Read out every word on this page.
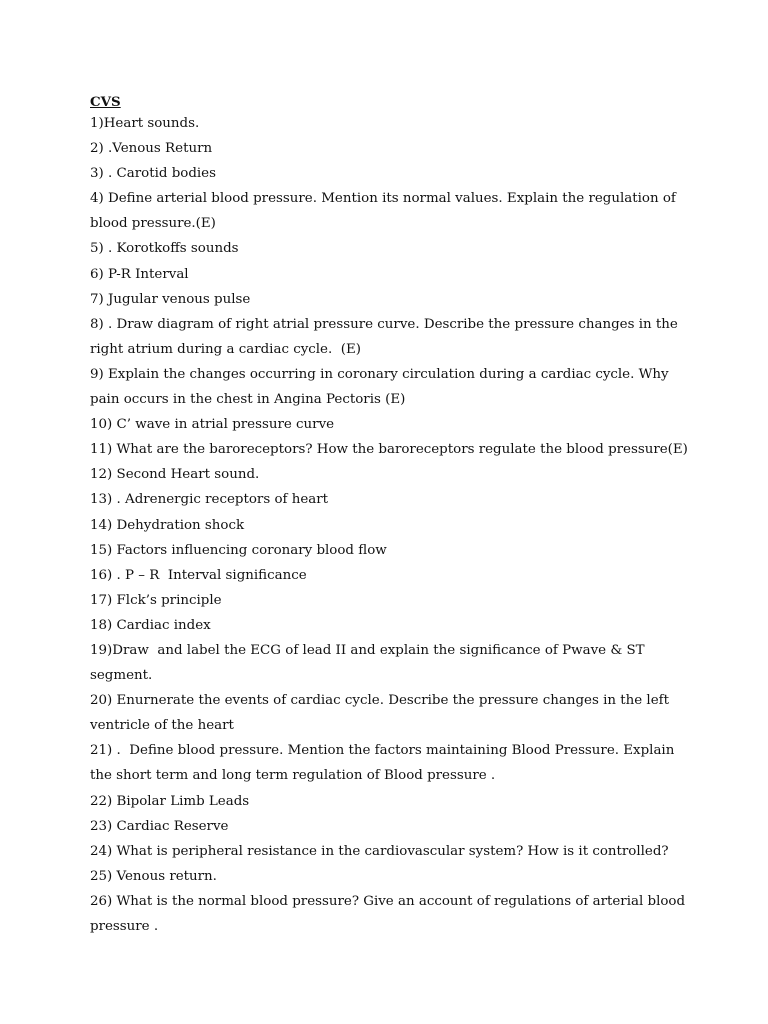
CVS
1)Heart sounds.
2) .Venous Return
3) . Carotid bodies
4) Define arterial blood pressure. Mention its normal values. Explain the regulation of blood pressure.(E)
5) . Korotkoffs sounds
6) P-R Interval
7) Jugular venous pulse
8) . Draw diagram of right atrial pressure curve. Describe the pressure changes in the right atrium during a cardiac cycle.  (E)
9) Explain the changes occurring in coronary circulation during a cardiac cycle. Why pain occurs in the chest in Angina Pectoris (E)
10) C’ wave in atrial pressure curve
11) What are the baroreceptors? How the baroreceptors regulate the blood pressure(E)
12) Second Heart sound.
13) . Adrenergic receptors of heart
14) Dehydration shock
15) Factors influencing coronary blood flow
16) . P – R  Interval significance
17) Flck’s principle
18) Cardiac index
19)Draw  and label the ECG of lead II and explain the significance of Pwave & ST segment.
20) Enurnerate the events of cardiac cycle. Describe the pressure changes in the left ventricle of the heart
21) .  Define blood pressure. Mention the factors maintaining Blood Pressure. Explain the short term and long term regulation of Blood pressure .
22) Bipolar Limb Leads
23) Cardiac Reserve
24) What is peripheral resistance in the cardiovascular system? How is it controlled?
25) Venous return.
26) What is the normal blood pressure? Give an account of regulations of arterial blood pressure .
